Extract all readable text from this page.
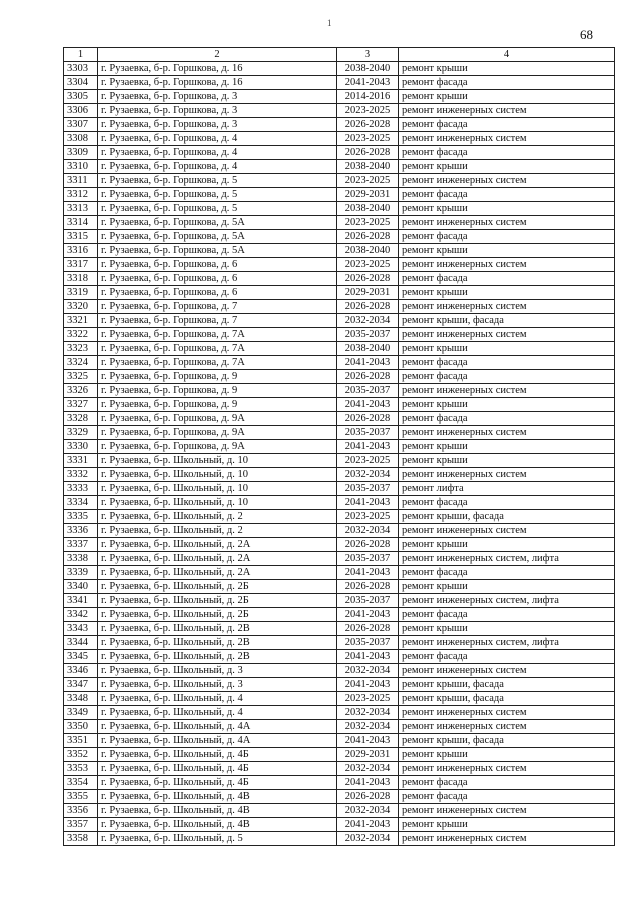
1
68
1	2	3	4
3303	г. Рузаевка, б-р. Горшкова, д. 16	2038-2040	ремонт крыши
3304	г. Рузаевка, б-р. Горшкова, д. 16	2041-2043	ремонт фасада
3305	г. Рузаевка, б-р. Горшкова, д. 3	2014-2016	ремонт крыши
3306	г. Рузаевка, б-р. Горшкова, д. 3	2023-2025	ремонт инженерных систем
3307	г. Рузаевка, б-р. Горшкова, д. 3	2026-2028	ремонт фасада
3308	г. Рузаевка, б-р. Горшкова, д. 4	2023-2025	ремонт инженерных систем
3309	г. Рузаевка, б-р. Горшкова, д. 4	2026-2028	ремонт фасада
3310	г. Рузаевка, б-р. Горшкова, д. 4	2038-2040	ремонт крыши
3311	г. Рузаевка, б-р. Горшкова, д. 5	2023-2025	ремонт инженерных систем
3312	г. Рузаевка, б-р. Горшкова, д. 5	2029-2031	ремонт фасада
3313	г. Рузаевка, б-р. Горшкова, д. 5	2038-2040	ремонт крыши
3314	г. Рузаевка, б-р. Горшкова, д. 5А	2023-2025	ремонт инженерных систем
3315	г. Рузаевка, б-р. Горшкова, д. 5А	2026-2028	ремонт фасада
3316	г. Рузаевка, б-р. Горшкова, д. 5А	2038-2040	ремонт крыши
3317	г. Рузаевка, б-р. Горшкова, д. 6	2023-2025	ремонт инженерных систем
3318	г. Рузаевка, б-р. Горшкова, д. 6	2026-2028	ремонт фасада
3319	г. Рузаевка, б-р. Горшкова, д. 6	2029-2031	ремонт крыши
3320	г. Рузаевка, б-р. Горшкова, д. 7	2026-2028	ремонт инженерных систем
3321	г. Рузаевка, б-р. Горшкова, д. 7	2032-2034	ремонт крыши, фасада
3322	г. Рузаевка, б-р. Горшкова, д. 7А	2035-2037	ремонт инженерных систем
3323	г. Рузаевка, б-р. Горшкова, д. 7А	2038-2040	ремонт крыши
3324	г. Рузаевка, б-р. Горшкова, д. 7А	2041-2043	ремонт фасада
3325	г. Рузаевка, б-р. Горшкова, д. 9	2026-2028	ремонт фасада
3326	г. Рузаевка, б-р. Горшкова, д. 9	2035-2037	ремонт инженерных систем
3327	г. Рузаевка, б-р. Горшкова, д. 9	2041-2043	ремонт крыши
3328	г. Рузаевка, б-р. Горшкова, д. 9А	2026-2028	ремонт фасада
3329	г. Рузаевка, б-р. Горшкова, д. 9А	2035-2037	ремонт инженерных систем
3330	г. Рузаевка, б-р. Горшкова, д. 9А	2041-2043	ремонт крыши
3331	г. Рузаевка, б-р. Школьный, д. 10	2023-2025	ремонт крыши
3332	г. Рузаевка, б-р. Школьный, д. 10	2032-2034	ремонт инженерных систем
3333	г. Рузаевка, б-р. Школьный, д. 10	2035-2037	ремонт лифта
3334	г. Рузаевка, б-р. Школьный, д. 10	2041-2043	ремонт фасада
3335	г. Рузаевка, б-р. Школьный, д. 2	2023-2025	ремонт крыши, фасада
3336	г. Рузаевка, б-р. Школьный, д. 2	2032-2034	ремонт инженерных систем
3337	г. Рузаевка, б-р. Школьный, д. 2А	2026-2028	ремонт крыши
3338	г. Рузаевка, б-р. Школьный, д. 2А	2035-2037	ремонт инженерных систем, лифта
3339	г. Рузаевка, б-р. Школьный, д. 2А	2041-2043	ремонт фасада
3340	г. Рузаевка, б-р. Школьный, д. 2Б	2026-2028	ремонт крыши
3341	г. Рузаевка, б-р. Школьный, д. 2Б	2035-2037	ремонт инженерных систем, лифта
3342	г. Рузаевка, б-р. Школьный, д. 2Б	2041-2043	ремонт фасада
3343	г. Рузаевка, б-р. Школьный, д. 2В	2026-2028	ремонт крыши
3344	г. Рузаевка, б-р. Школьный, д. 2В	2035-2037	ремонт инженерных систем, лифта
3345	г. Рузаевка, б-р. Школьный, д. 2В	2041-2043	ремонт фасада
3346	г. Рузаевка, б-р. Школьный, д. 3	2032-2034	ремонт инженерных систем
3347	г. Рузаевка, б-р. Школьный, д. 3	2041-2043	ремонт крыши, фасада
3348	г. Рузаевка, б-р. Школьный, д. 4	2023-2025	ремонт крыши, фасада
3349	г. Рузаевка, б-р. Школьный, д. 4	2032-2034	ремонт инженерных систем
3350	г. Рузаевка, б-р. Школьный, д. 4А	2032-2034	ремонт инженерных систем
3351	г. Рузаевка, б-р. Школьный, д. 4А	2041-2043	ремонт крыши, фасада
3352	г. Рузаевка, б-р. Школьный, д. 4Б	2029-2031	ремонт крыши
3353	г. Рузаевка, б-р. Школьный, д. 4Б	2032-2034	ремонт инженерных систем
3354	г. Рузаевка, б-р. Школьный, д. 4Б	2041-2043	ремонт фасада
3355	г. Рузаевка, б-р. Школьный, д. 4В	2026-2028	ремонт фасада
3356	г. Рузаевка, б-р. Школьный, д. 4В	2032-2034	ремонт инженерных систем
3357	г. Рузаевка, б-р. Школьный, д. 4В	2041-2043	ремонт крыши
3358	г. Рузаевка, б-р. Школьный, д. 5	2032-2034	ремонт инженерных систем
